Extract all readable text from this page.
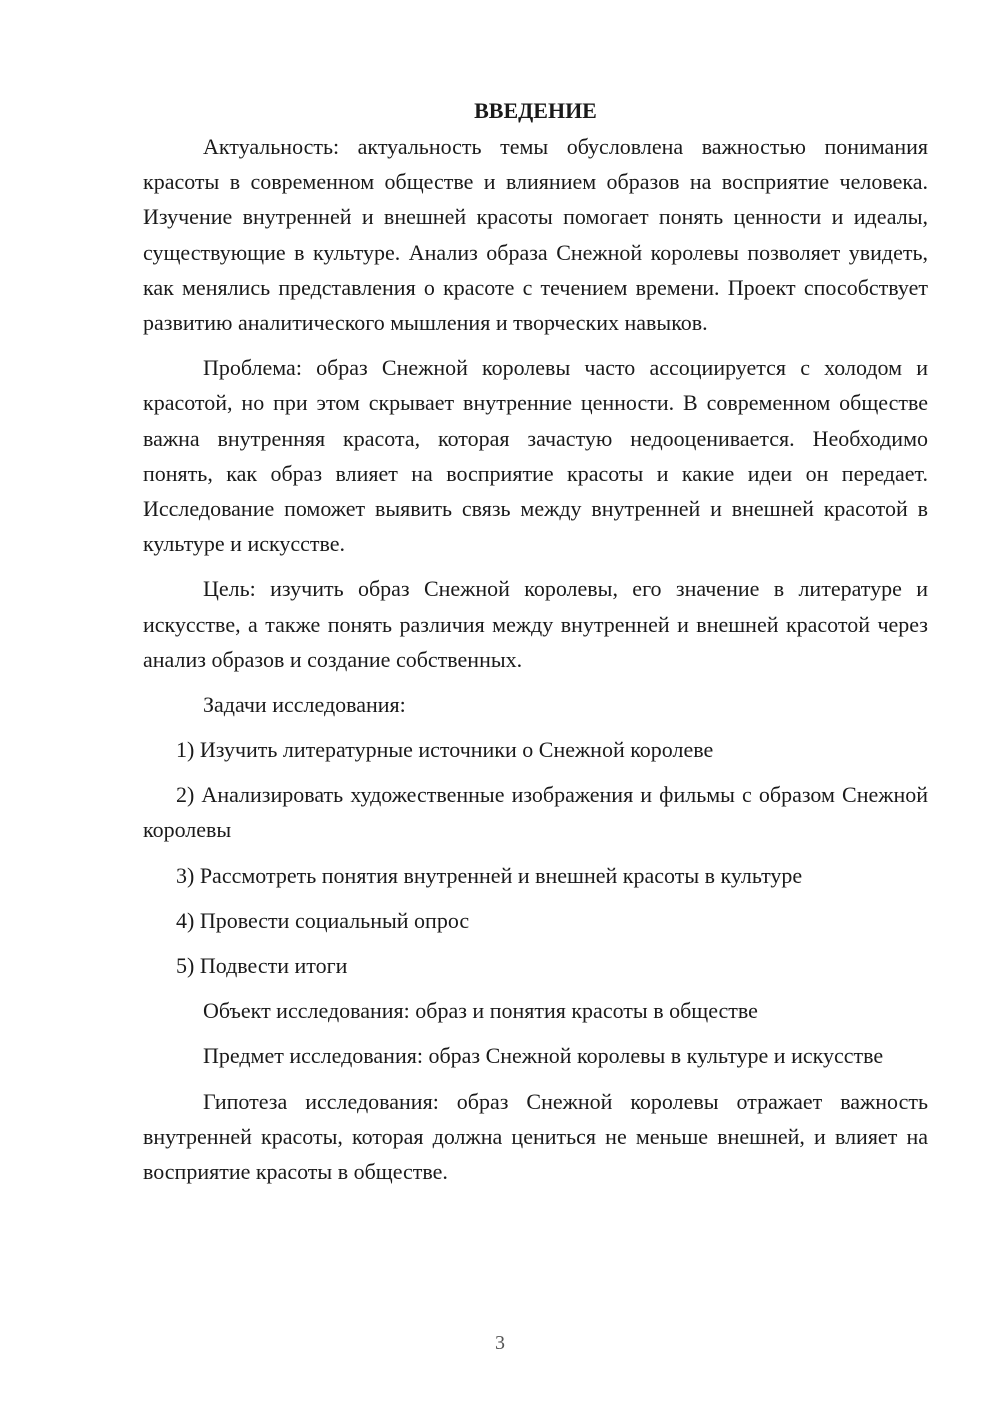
ВВЕДЕНИЕ

Актуальность: актуальность темы обусловлена важностью понимания красоты в современном обществе и влиянием образов на восприятие человека. Изучение внутренней и внешней красоты помогает понять ценности и идеалы, существующие в культуре. Анализ образа Снежной королевы позволяет увидеть, как менялись представления о красоте с течением времени. Проект способствует развитию аналитического мышления и творческих навыков.

Проблема: образ Снежной королевы часто ассоциируется с холодом и красотой, но при этом скрывает внутренние ценности. В современном обществе важна внутренняя красота, которая зачастую недооценивается. Необходимо понять, как образ влияет на восприятие красоты и какие идеи он передает. Исследование поможет выявить связь между внутренней и внешней красотой в культуре и искусстве.

Цель: изучить образ Снежной королевы, его значение в литературе и искусстве, а также понять различия между внутренней и внешней красотой через анализ образов и создание собственных.

Задачи исследования:
1) Изучить литературные источники о Снежной королеве
2) Анализировать художественные изображения и фильмы с образом Снежной королевы
3) Рассмотреть понятия внутренней и внешней красоты в культуре
4) Провести социальный опрос
5) Подвести итоги

Объект исследования: образ и понятия красоты в обществе

Предмет исследования: образ Снежной королевы в культуре и искусстве

Гипотеза исследования: образ Снежной королевы отражает важность внутренней красоты, которая должна цениться не меньше внешней, и влияет на восприятие красоты в обществе.

3
